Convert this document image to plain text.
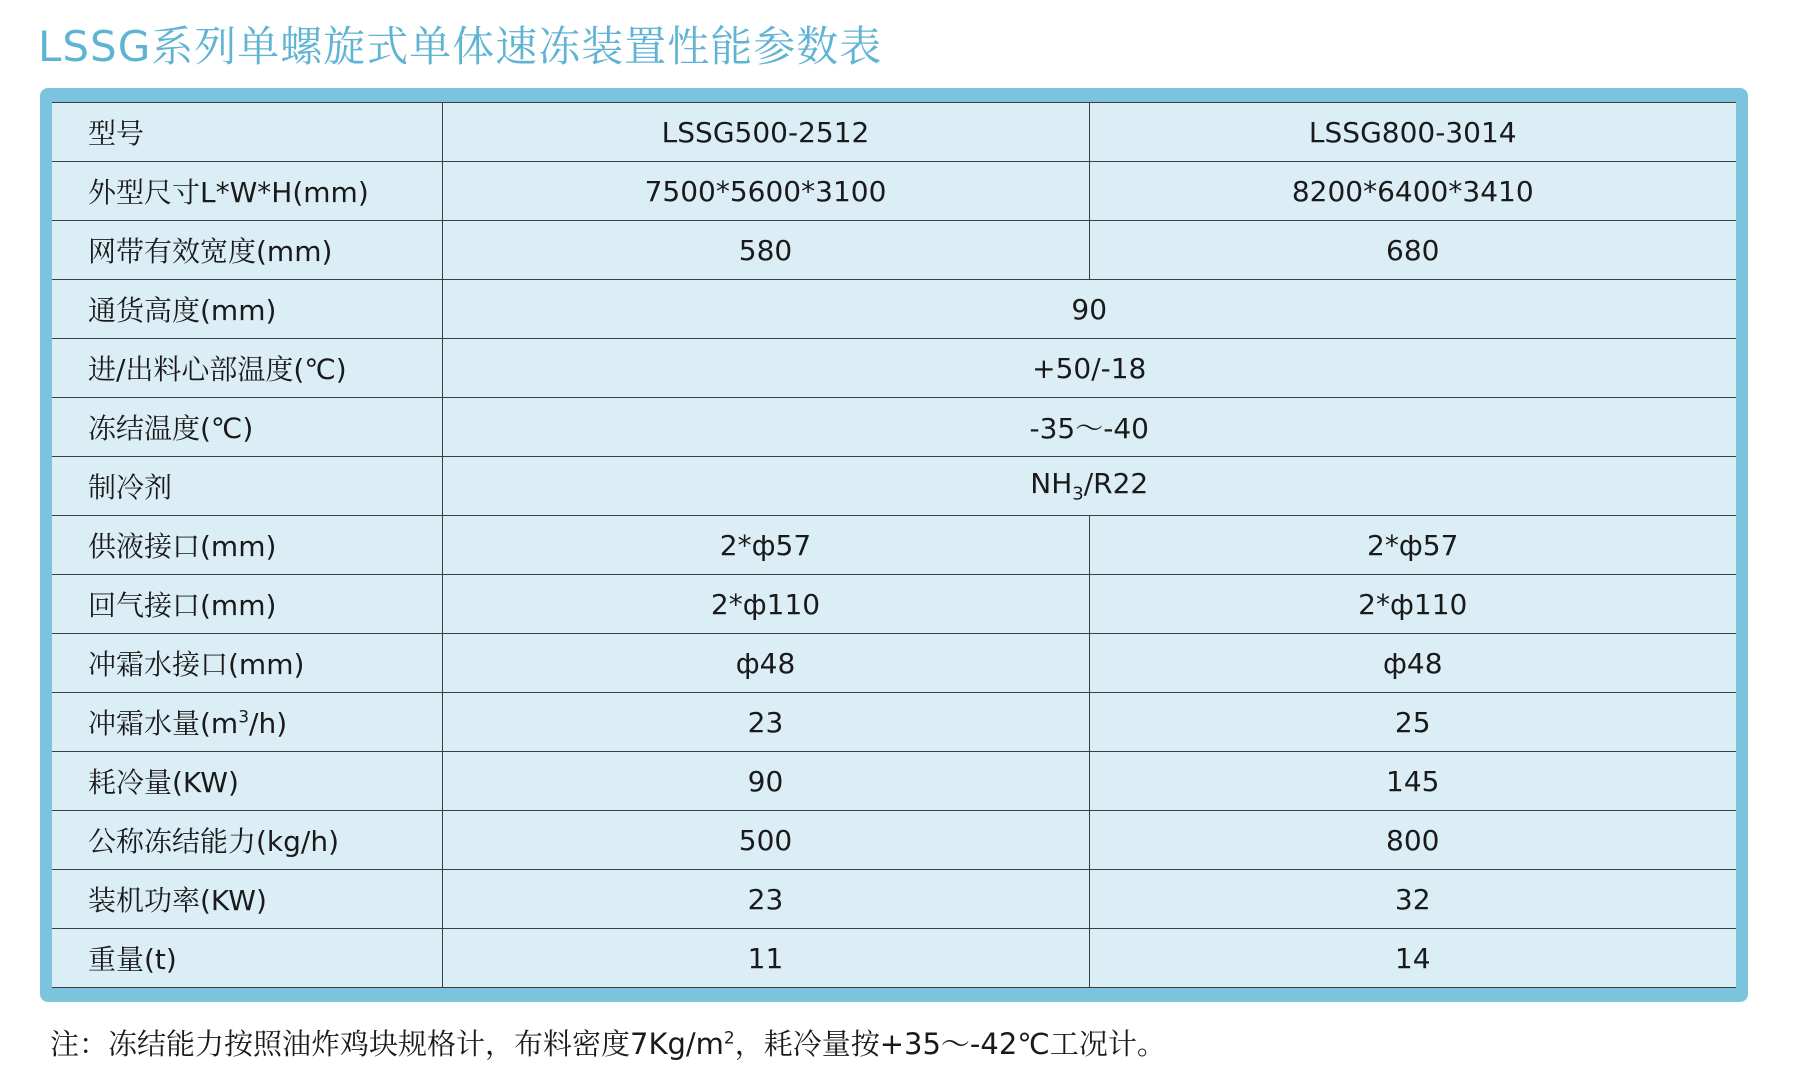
LSSG系列单螺旋式单体速冻装置性能参数表
型号	LSSG500-2512	LSSG800-3014
外型尺寸L*W*H(mm)	7500*5600*3100	8200*6400*3410
网带有效宽度(mm)	580	680
通货高度(mm)	90	
进/出料心部温度(℃)	+50/-18	
冻结温度(℃)	-35～-40	
制冷剂	$NH_3/R22$	
供液接口(mm)	2*ф57	2*ф57
回气接口(mm)	2*ф110	2*ф110
冲霜水接口(mm)	ф48	ф48
冲霜水量$(m^3/h)$	23	25
耗冷量(KW)	90	145
公称冻结能力(kg/h)	500	800
装机功率(KW)	23	32
重量(t)	11	14
注：冻结能力按照油炸鸡块规格计，布料密度$7Kg/m^2$，耗冷量按+35～-42℃工况计。
